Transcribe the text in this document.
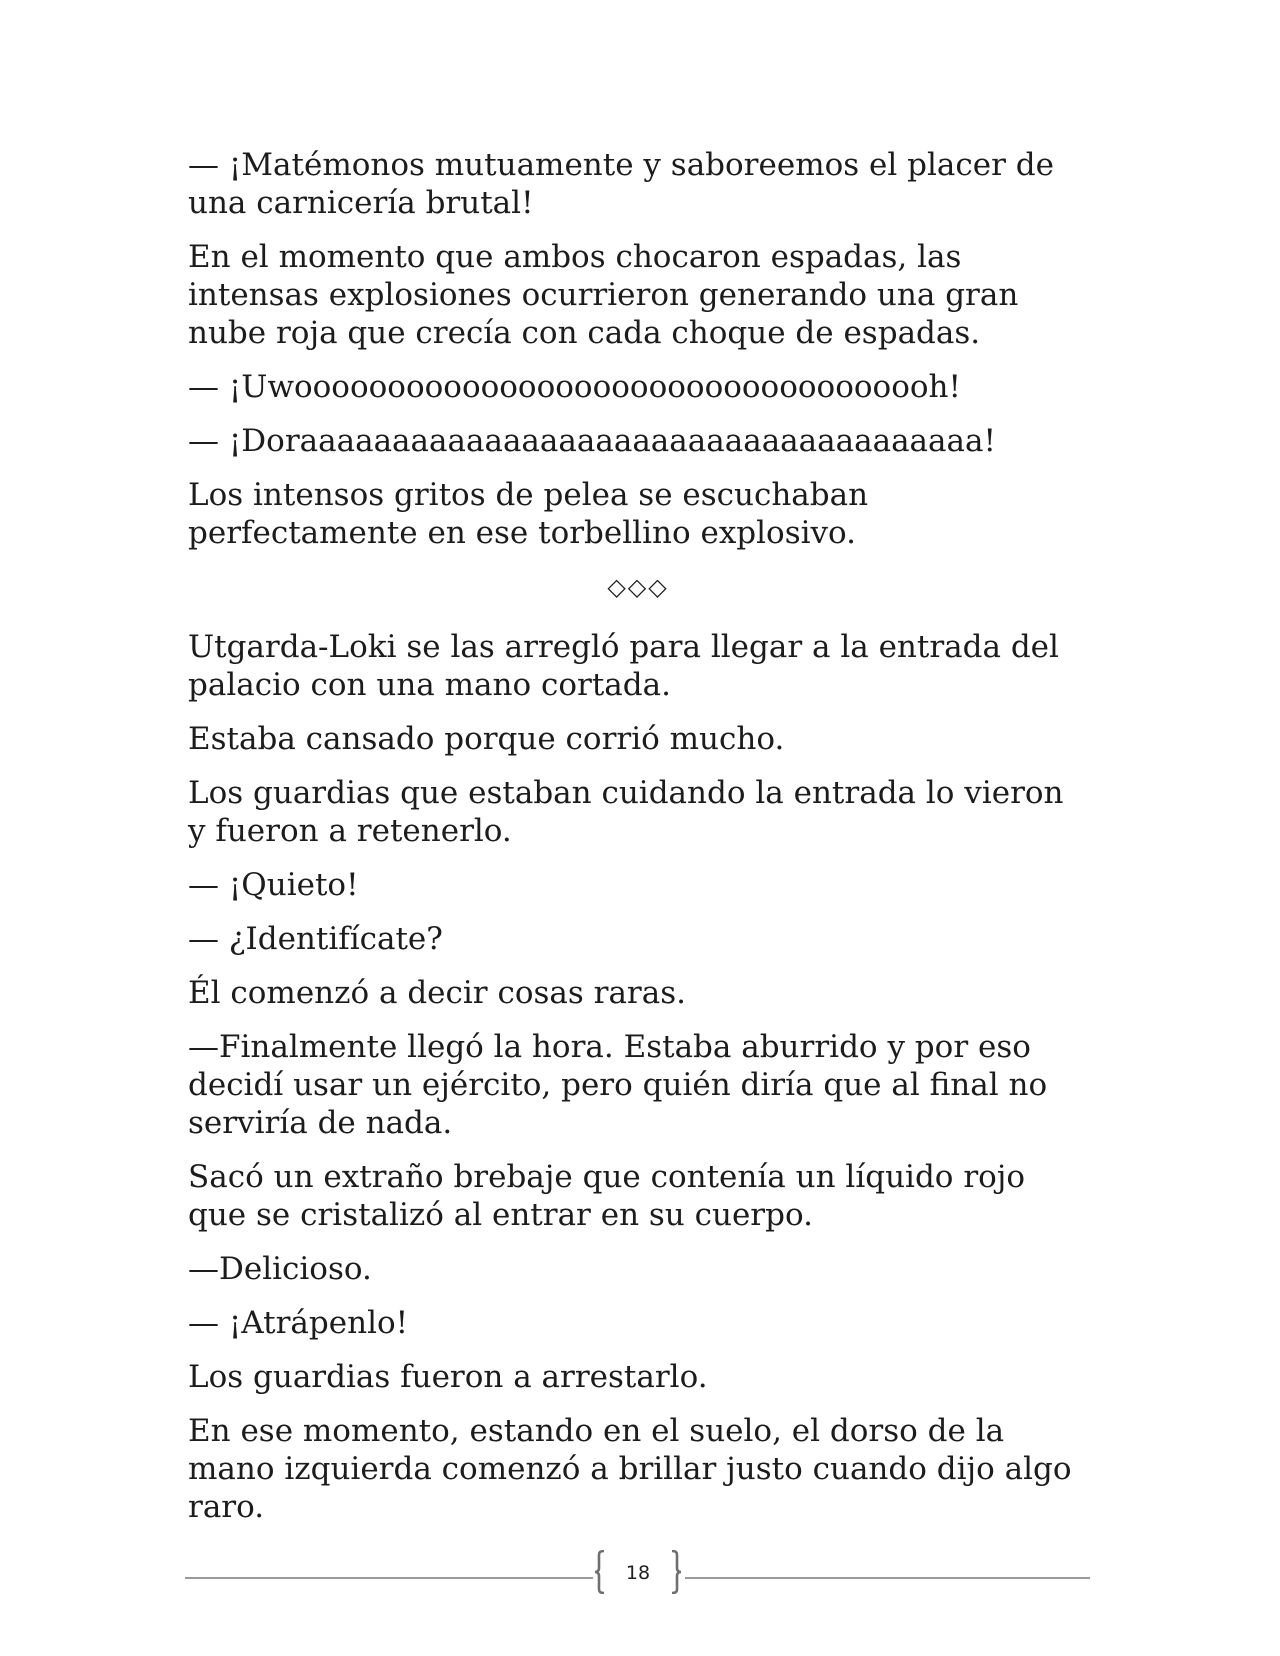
— ¡Matémonos mutuamente y saboreemos el placer de una carnicería brutal!

En el momento que ambos chocaron espadas, las intensas explosiones ocurrieron generando una gran nube roja que crecía con cada choque de espadas.

— ¡Uwooooooooooooooooooooooooooooooooooh!

— ¡Doraaaaaaaaaaaaaaaaaaaaaaaaaaaaaaaaaaaaa!

Los intensos gritos de pelea se escuchaban perfectamente en ese torbellino explosivo.

◇◇◇

Utgarda-Loki se las arregló para llegar a la entrada del palacio con una mano cortada.

Estaba cansado porque corrió mucho.

Los guardias que estaban cuidando la entrada lo vieron y fueron a retenerlo.

— ¡Quieto!

— ¿Identifícate?

Él comenzó a decir cosas raras.

—Finalmente llegó la hora. Estaba aburrido y por eso decidí usar un ejército, pero quién diría que al final no serviría de nada.

Sacó un extraño brebaje que contenía un líquido rojo que se cristalizó al entrar en su cuerpo.

—Delicioso.

— ¡Atrápenlo!

Los guardias fueron a arrestarlo.

En ese momento, estando en el suelo, el dorso de la mano izquierda comenzó a brillar justo cuando dijo algo raro.

18
